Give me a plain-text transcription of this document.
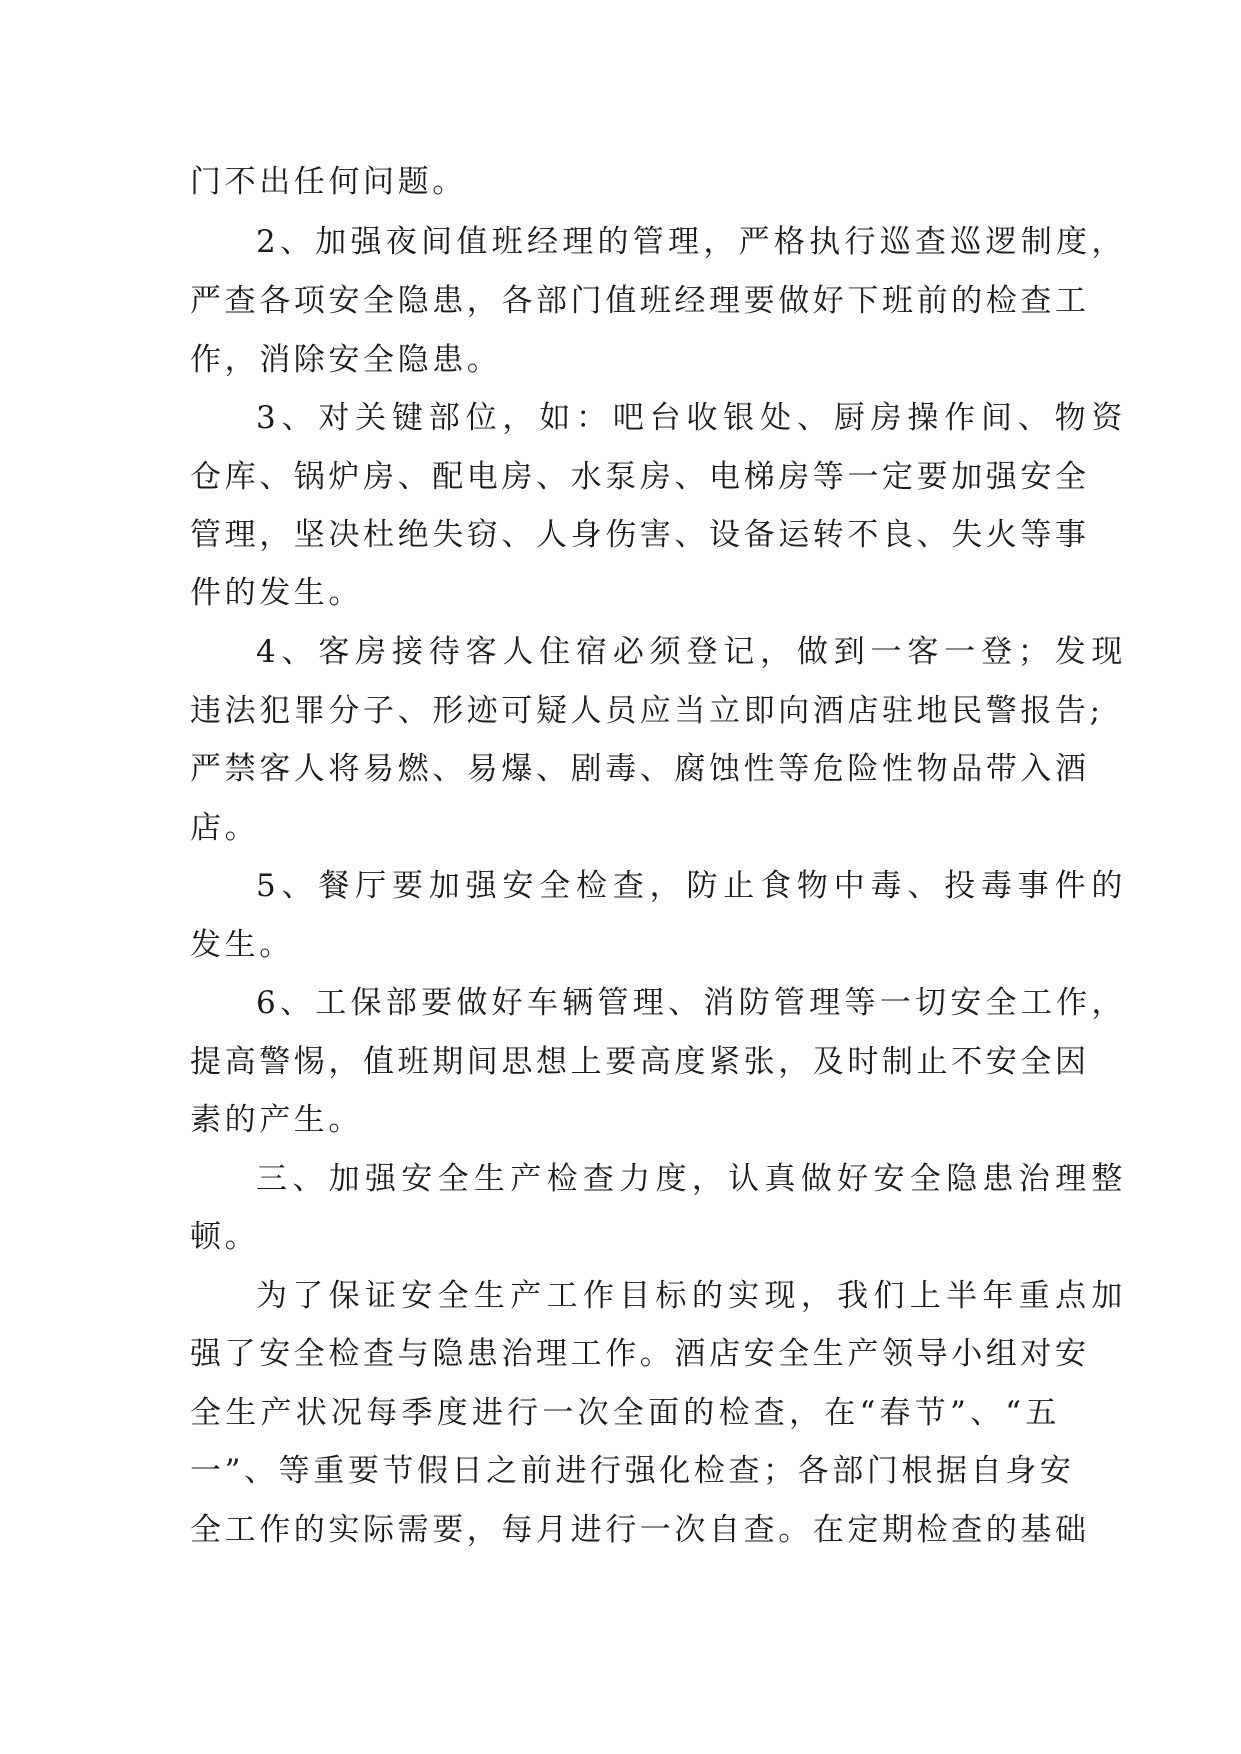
门不出任何问题。
2、加强夜间值班经理的管理，严格执行巡查巡逻制度，
严查各项安全隐患，各部门值班经理要做好下班前的检查工
作，消除安全隐患。
3、对关键部位，如：吧台收银处、厨房操作间、物资
仓库、锅炉房、配电房、水泵房、电梯房等一定要加强安全
管理，坚决杜绝失窃、人身伤害、设备运转不良、失火等事
件的发生。
4、客房接待客人住宿必须登记，做到一客一登；发现
违法犯罪分子、形迹可疑人员应当立即向酒店驻地民警报告;
严禁客人将易燃、易爆、剧毒、腐蚀性等危险性物品带入酒
店。
5、餐厅要加强安全检查，防止食物中毒、投毒事件的
发生。
6、工保部要做好车辆管理、消防管理等一切安全工作，
提高警惕，值班期间思想上要高度紧张，及时制止不安全因
素的产生。
三、加强安全生产检查力度，认真做好安全隐患治理整
顿。
为了保证安全生产工作目标的实现，我们上半年重点加
强了安全检查与隐患治理工作。酒店安全生产领导小组对安
全生产状况每季度进行一次全面的检查，在“春节”、“五
一”、等重要节假日之前进行强化检查；各部门根据自身安
全工作的实际需要，每月进行一次自查。在定期检查的基础
